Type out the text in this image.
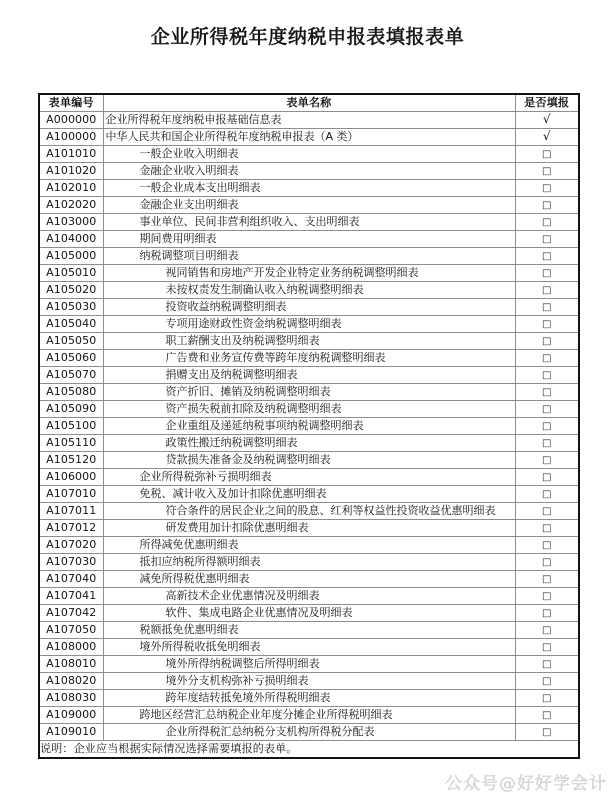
企业所得税年度纳税申报表填报表单
表单编号	表单名称	是否填报
A000000	企业所得税年度纳税申报基础信息表	√
A100000	中华人民共和国企业所得税年度纳税申报表（A 类）	√
A101010	一般企业收入明细表	□
A101020	金融企业收入明细表	□
A102010	一般企业成本支出明细表	□
A102020	金融企业支出明细表	□
A103000	事业单位、民间非营利组织收入、支出明细表	□
A104000	期间费用明细表	□
A105000	纳税调整项目明细表	□
A105010	视同销售和房地产开发企业特定业务纳税调整明细表	□
A105020	未按权责发生制确认收入纳税调整明细表	□
A105030	投资收益纳税调整明细表	□
A105040	专项用途财政性资金纳税调整明细表	□
A105050	职工薪酬支出及纳税调整明细表	□
A105060	广告费和业务宣传费等跨年度纳税调整明细表	□
A105070	捐赠支出及纳税调整明细表	□
A105080	资产折旧、摊销及纳税调整明细表	□
A105090	资产损失税前扣除及纳税调整明细表	□
A105100	企业重组及递延纳税事项纳税调整明细表	□
A105110	政策性搬迁纳税调整明细表	□
A105120	贷款损失准备金及纳税调整明细表	□
A106000	企业所得税弥补亏损明细表	□
A107010	免税、减计收入及加计扣除优惠明细表	□
A107011	符合条件的居民企业之间的股息、红利等权益性投资收益优惠明细表	□
A107012	研发费用加计扣除优惠明细表	□
A107020	所得减免优惠明细表	□
A107030	抵扣应纳税所得额明细表	□
A107040	减免所得税优惠明细表	□
A107041	高新技术企业优惠情况及明细表	□
A107042	软件、集成电路企业优惠情况及明细表	□
A107050	税额抵免优惠明细表	□
A108000	境外所得税收抵免明细表	□
A108010	境外所得纳税调整后所得明细表	□
A108020	境外分支机构弥补亏损明细表	□
A108030	跨年度结转抵免境外所得税明细表	□
A109000	跨地区经营汇总纳税企业年度分摊企业所得税明细表	□
A109010	企业所得税汇总纳税分支机构所得税分配表	□
说明：企业应当根据实际情况选择需要填报的表单。		
公众号@好好学会计
